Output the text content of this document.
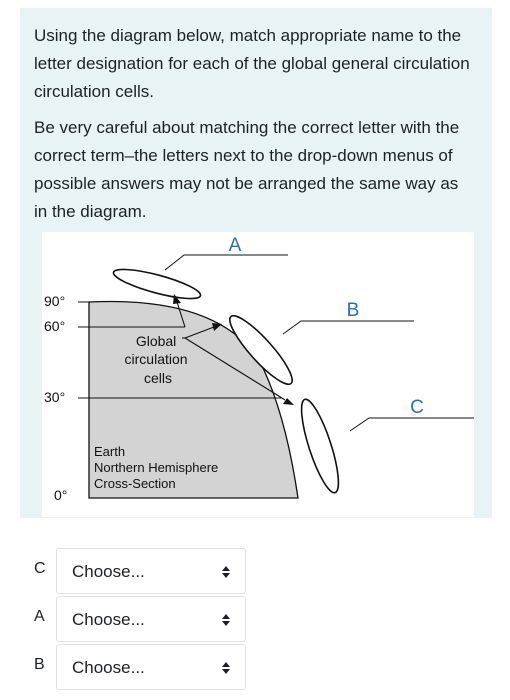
Using the diagram below, match appropriate name to the letter designation for each of the global general circulation circulation cells.

Be very careful about matching the correct letter with the correct term–the letters next to the drop-down menus of possible answers may not be arranged the same way as in the diagram.

90°
60°
30°
0°
Global circulation cells
Earth Northern Hemisphere Cross-Section
A
B
C
C Choose...
A Choose...
B Choose...
